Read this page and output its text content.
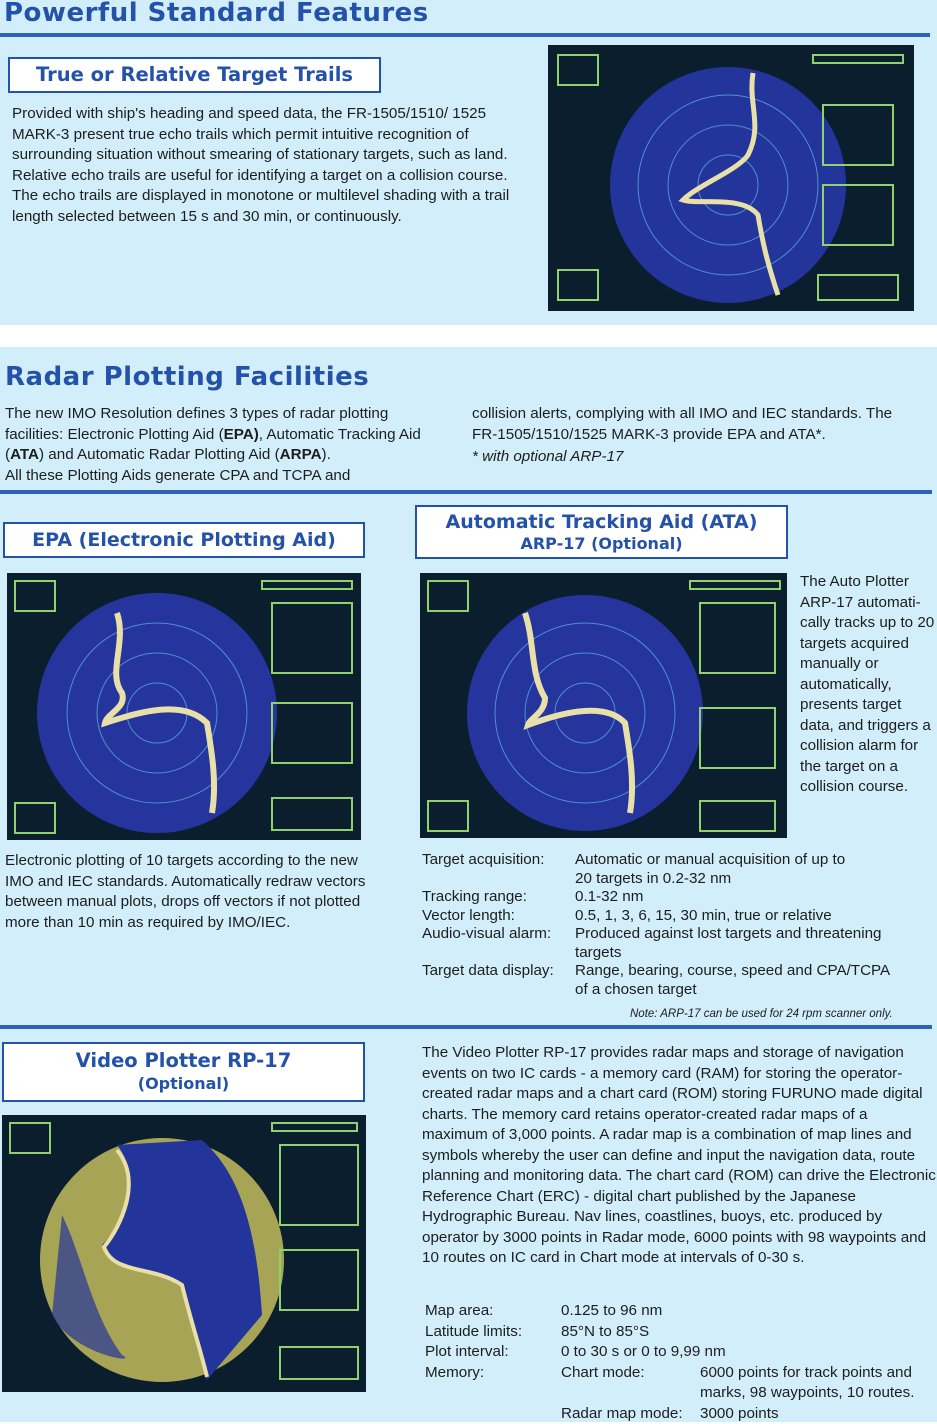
Powerful Standard Features
True or Relative Target Trails
Provided with ship's heading and speed data, the FR-1505/1510/ 1525 MARK-3 present true echo trails which permit intuitive recognition of surrounding situation without smearing of stationary targets, such as land. Relative echo trails are useful for identifying a target on a collision course. The echo trails are displayed in monotone or multilevel shading with a trail length selected between 15 s and 30 min, or continuously.
Radar Plotting Facilities
The new IMO Resolution defines 3 types of radar plotting facilities: Electronic Plotting Aid (EPA), Automatic Tracking Aid (ATA) and Automatic Radar Plotting Aid (ARPA).
All these Plotting Aids generate CPA and TCPA and
collision alerts, complying with all IMO and IEC standards. The FR-1505/1510/1525 MARK-3 provide EPA and ATA*.
* with optional ARP-17
EPA (Electronic Plotting Aid)
Electronic plotting of 10 targets according to the new IMO and IEC standards. Automatically redraw vectors between manual plots, drops off vectors if not plotted more than 10 min as required by IMO/IEC.
Automatic Tracking Aid (ATA)
ARP-17 (Optional)
The Auto Plotter ARP-17 automati-cally tracks up to 20 targets acquired manually or automatically, presents target data, and triggers a collision alarm for the target on a collision course.
Target acquisition:	Automatic or manual acquisition of up to
20 targets in 0.2-32 nm
Tracking range:	0.1-32 nm
Vector length:	0.5, 1, 3, 6, 15, 30 min, true or relative
Audio-visual alarm:	Produced against lost targets and threatening
targets
Target data display:	Range, bearing, course, speed and CPA/TCPA
of a chosen target
Note: ARP-17 can be used for 24 rpm scanner only.
Video Plotter RP-17
(Optional)
The Video Plotter RP-17 provides radar maps and storage of navigation events on two IC cards - a memory card (RAM) for storing the operator-created radar maps and a chart card (ROM) storing FURUNO made digital charts. The memory card retains operator-created radar maps of a maximum of 3,000 points. A radar map is a combination of map lines and symbols whereby the user can define and input the navigation data, route planning and monitoring data. The chart card (ROM) can drive the Electronic Reference Chart (ERC) - digital chart published by the Japanese Hydrographic Bureau. Nav lines, coastlines, buoys, etc. produced by operator by 3000 points in Radar mode, 6000 points with 98 waypoints and 10 routes on IC card in Chart mode at intervals of 0-30 s.
Map area:	0.125 to 96 nm
Latitude limits:	85°N to 85°S
Plot interval:	0 to 30 s or 0 to 9,99 nm
Memory:	Chart mode:	6000 points for track points and marks, 98 waypoints, 10 routes.
Radar map mode:	3000 points
